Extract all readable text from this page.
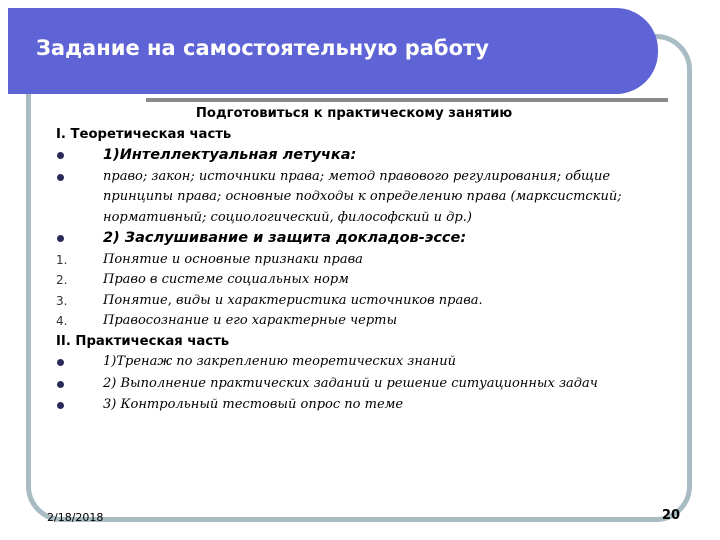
Задание на самостоятельную работу
Подготовиться к практическому занятию
I. Теоретическая часть
1)Интеллектуальная летучка:
право; закон; источники права; метод правового регулирования; общие принципы права; основные подходы к определению права (марксистский; нормативный; социологический, философский и др.)
2) Заслушивание и защита докладов-эссе:
1.	Понятие и основные признаки права
2.	Право в системе социальных норм
3.	Понятие, виды и характеристика источников права.
4.	Правосознание и его характерные черты
II. Практическая часть
1)Тренаж по закреплению теоретических знаний
2) Выполнение практических заданий и решение ситуационных задач
3) Контрольный тестовый опрос по теме
2/18/2018	20
